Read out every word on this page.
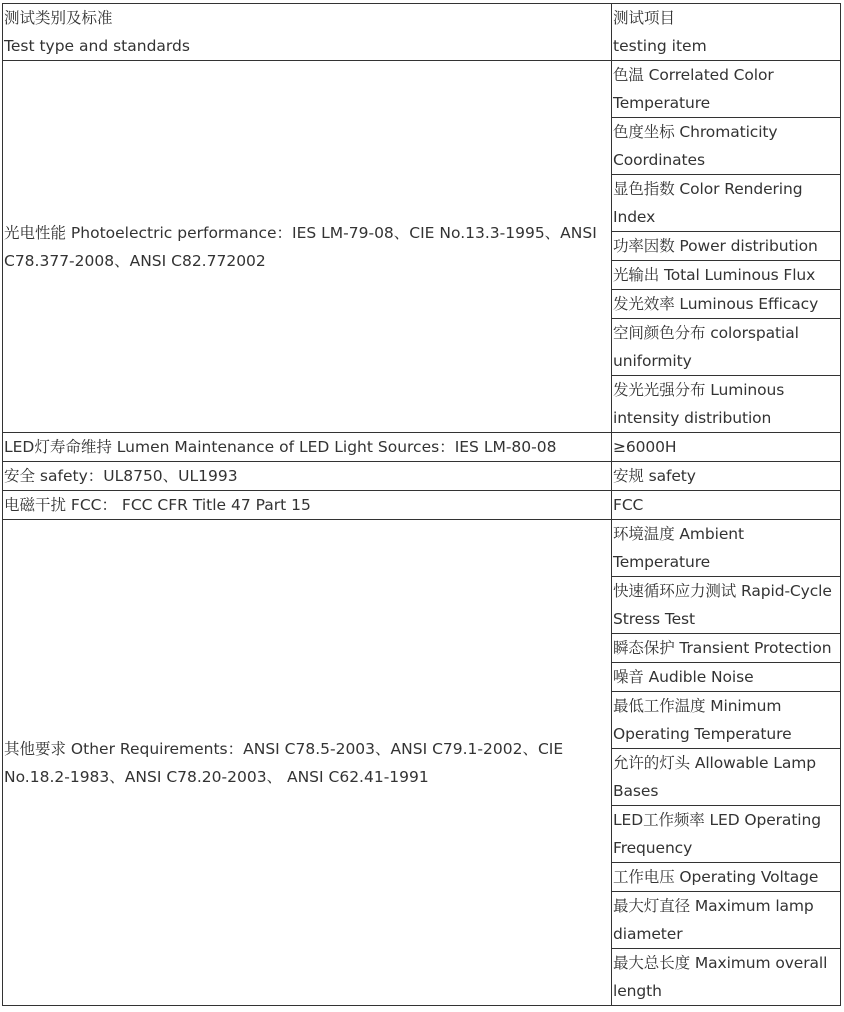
测试类别及标准
Test type and standards	测试项目
testing item

光电性能 Photoelectric performance：IES LM-79-08、CIE No.13.3-1995、ANSI C78.377-2008、ANSI C82.772002	色温 Correlated Color
Temperature

	色度坐标 Chromaticity
Coordinates

	显色指数 Color Rendering
Index

	功率因数 Power distribution

	光输出 Total Luminous Flux

	发光效率 Luminous Efficacy

	空间颜色分布 colorspatial
uniformity

	发光光强分布 Luminous
intensity distribution

LED灯寿命维持 Lumen Maintenance of LED Light Sources：IES LM-80-08	≥6000H

安全 safety：UL8750、UL1993	安规 safety

电磁干扰 FCC： FCC CFR Title 47 Part 15	FCC

其他要求 Other Requirements：ANSI C78.5-2003、ANSI C79.1-2002、CIE No.18.2-1983、ANSI C78.20-2003、 ANSI C62.41-1991	环境温度 Ambient
Temperature

	快速循环应力测试 Rapid-Cycle
Stress Test

	瞬态保护 Transient Protection

	噪音 Audible Noise

	最低工作温度 Minimum
Operating Temperature

	允许的灯头 Allowable Lamp
Bases

	LED工作频率 LED Operating
Frequency

	工作电压 Operating Voltage

	最大灯直径 Maximum lamp
diameter

	最大总长度 Maximum overall
length
